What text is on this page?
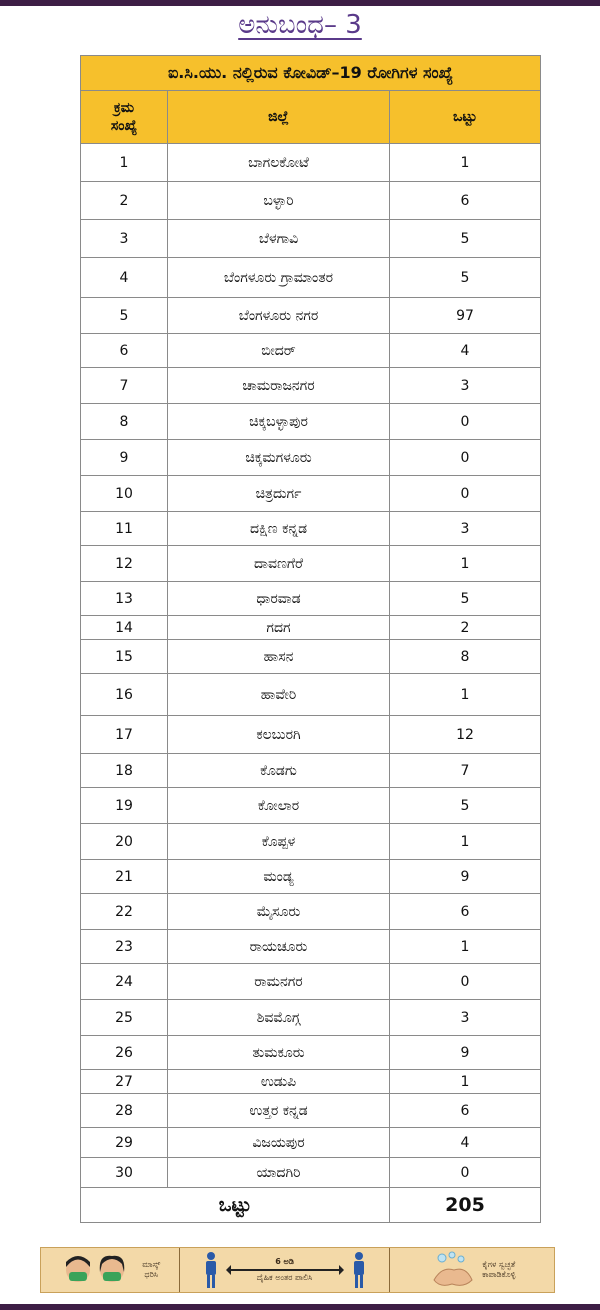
ಅನುಬಂಧ– 3
ಐ.ಸಿ.ಯು. ನಲ್ಲಿರುವ ಕೋವಿಡ್–19 ರೋಗಿಗಳ ಸಂಖ್ಯೆ		

ಕ್ರಮ
ಸಂಖ್ಯೆ	ಜಿಲ್ಲೆ	ಒಟ್ಟು
1	ಬಾಗಲಕೋಟೆ	1
2	ಬಳ್ಳಾರಿ	6
3	ಬೆಳಗಾವಿ	5
4	ಬೆಂಗಳೂರು ಗ್ರಾಮಾಂತರ	5
5	ಬೆಂಗಳೂರು ನಗರ	97
6	ಬೀದರ್	4
7	ಚಾಮರಾಜನಗರ	3
8	ಚಿಕ್ಕಬಳ್ಳಾಪುರ	0
9	ಚಿಕ್ಕಮಗಳೂರು	0
10	ಚಿತ್ರದುರ್ಗ	0
11	ದಕ್ಷಿಣ ಕನ್ನಡ	3
12	ದಾವಣಗೆರೆ	1
13	ಧಾರವಾಡ	5
14	ಗದಗ	2
15	ಹಾಸನ	8
16	ಹಾವೇರಿ	1
17	ಕಲಬುರಗಿ	12
18	ಕೊಡಗು	7
19	ಕೋಲಾರ	5
20	ಕೊಪ್ಪಳ	1
21	ಮಂಡ್ಯ	9
22	ಮೈಸೂರು	6
23	ರಾಯಚೂರು	1
24	ರಾಮನಗರ	0
25	ಶಿವಮೊಗ್ಗ	3
26	ತುಮಕೂರು	9
27	ಉಡುಪಿ	1
28	ಉತ್ತರ ಕನ್ನಡ	6
29	ವಿಜಯಪುರ	4
30	ಯಾದಗಿರಿ	0
ಒಟ್ಟು		205
ಮಾಸ್ಕ್
ಧರಿಸಿ
6 ಅಡಿ
ದೈಹಿಕ ಅಂತರ ಪಾಲಿಸಿ
ಕೈಗಳ ಸ್ವಚ್ಛತೆ
ಕಾಪಾಡಿಕೊಳ್ಳಿ
